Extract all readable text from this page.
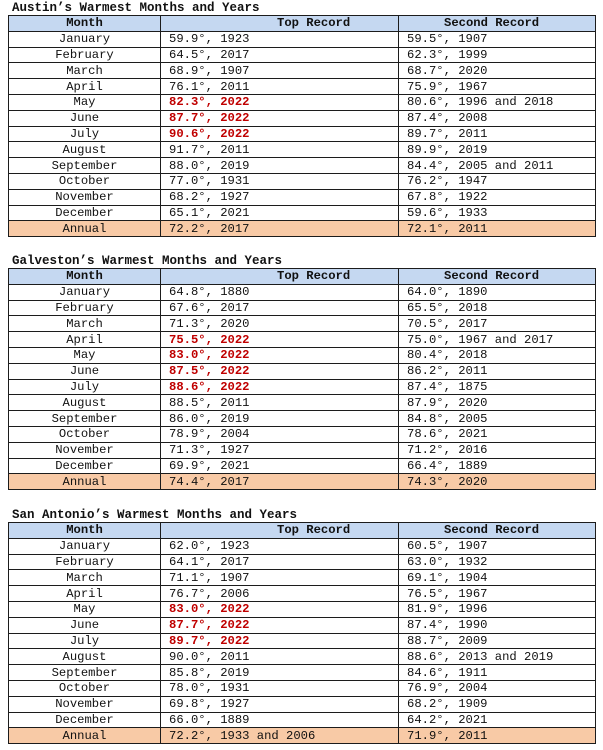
Austin’s Warmest Months and Years
Month	Top Record	Second Record
January	59.9°, 1923	59.5°, 1907
February	64.5°, 2017	62.3°, 1999
March	68.9°, 1907	68.7°, 2020
April	76.1°, 2011	75.9°, 1967
May	82.3°, 2022	80.6°, 1996 and 2018
June	87.7°, 2022	87.4°, 2008
July	90.6°, 2022	89.7°, 2011
August	91.7°, 2011	89.9°, 2019
September	88.0°, 2019	84.4°, 2005 and 2011
October	77.0°, 1931	76.2°, 1947
November	68.2°, 1927	67.8°, 1922
December	65.1°, 2021	59.6°, 1933
Annual	72.2°, 2017	72.1°, 2011
Galveston’s Warmest Months and Years
Month	Top Record	Second Record
January	64.8°, 1880	64.0°, 1890
February	67.6°, 2017	65.5°, 2018
March	71.3°, 2020	70.5°, 2017
April	75.5°, 2022	75.0°, 1967 and 2017
May	83.0°, 2022	80.4°, 2018
June	87.5°, 2022	86.2°, 2011
July	88.6°, 2022	87.4°, 1875
August	88.5°, 2011	87.9°, 2020
September	86.0°, 2019	84.8°, 2005
October	78.9°, 2004	78.6°, 2021
November	71.3°, 1927	71.2°, 2016
December	69.9°, 2021	66.4°, 1889
Annual	74.4°, 2017	74.3°, 2020
San Antonio’s Warmest Months and Years
Month	Top Record	Second Record
January	62.0°, 1923	60.5°, 1907
February	64.1°, 2017	63.0°, 1932
March	71.1°, 1907	69.1°, 1904
April	76.7°, 2006	76.5°, 1967
May	83.0°, 2022	81.9°, 1996
June	87.7°, 2022	87.4°, 1990
July	89.7°, 2022	88.7°, 2009
August	90.0°, 2011	88.6°, 2013 and 2019
September	85.8°, 2019	84.6°, 1911
October	78.0°, 1931	76.9°, 2004
November	69.8°, 1927	68.2°, 1909
December	66.0°, 1889	64.2°, 2021
Annual	72.2°, 1933 and 2006	71.9°, 2011
